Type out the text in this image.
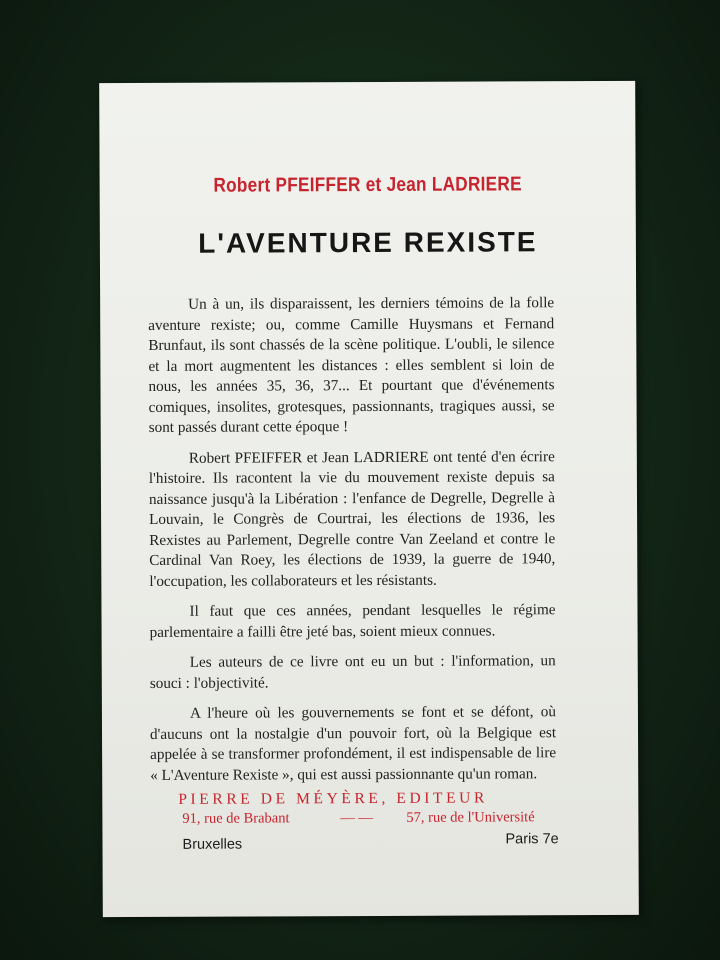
Robert PFEIFFER et Jean LADRIERE
L'AVENTURE REXISTE

Un à un, ils disparaissent, les derniers témoins de la folle aventure rexiste; ou, comme Camille Huysmans et Fernand Brunfaut, ils sont chassés de la scène politique. L'oubli, le silence et la mort augmentent les distances : elles semblent si loin de nous, les années 35, 36, 37... Et pourtant que d'événements comiques, insolites, grotesques, passionnants, tragiques aussi, se sont passés durant cette époque !

Robert PFEIFFER et Jean LADRIERE ont tenté d'en écrire l'histoire. Ils racontent la vie du mouvement rexiste depuis sa naissance jusqu'à la Libération : l'enfance de Degrelle, Degrelle à Louvain, le Congrès de Courtrai, les élections de 1936, les Rexistes au Parlement, Degrelle contre Van Zeeland et contre le Cardinal Van Roey, les élections de 1939, la guerre de 1940, l'occupation, les collaborateurs et les résistants.

Il faut que ces années, pendant lesquelles le régime parlementaire a failli être jeté bas, soient mieux connues.

Les auteurs de ce livre ont eu un but : l'information, un souci : l'objectivité.

A l'heure où les gouvernements se font et se défont, où d'aucuns ont la nostalgie d'un pouvoir fort, où la Belgique est appelée à se transformer profondément, il est indispensable de lire « L'Aventure Rexiste », qui est aussi passionnante qu'un roman.

PIERRE DE MÉYÈRE, EDITEUR
91, rue de Brabant	— — 57, rue de l'Université
Bruxelles	Paris 7e
